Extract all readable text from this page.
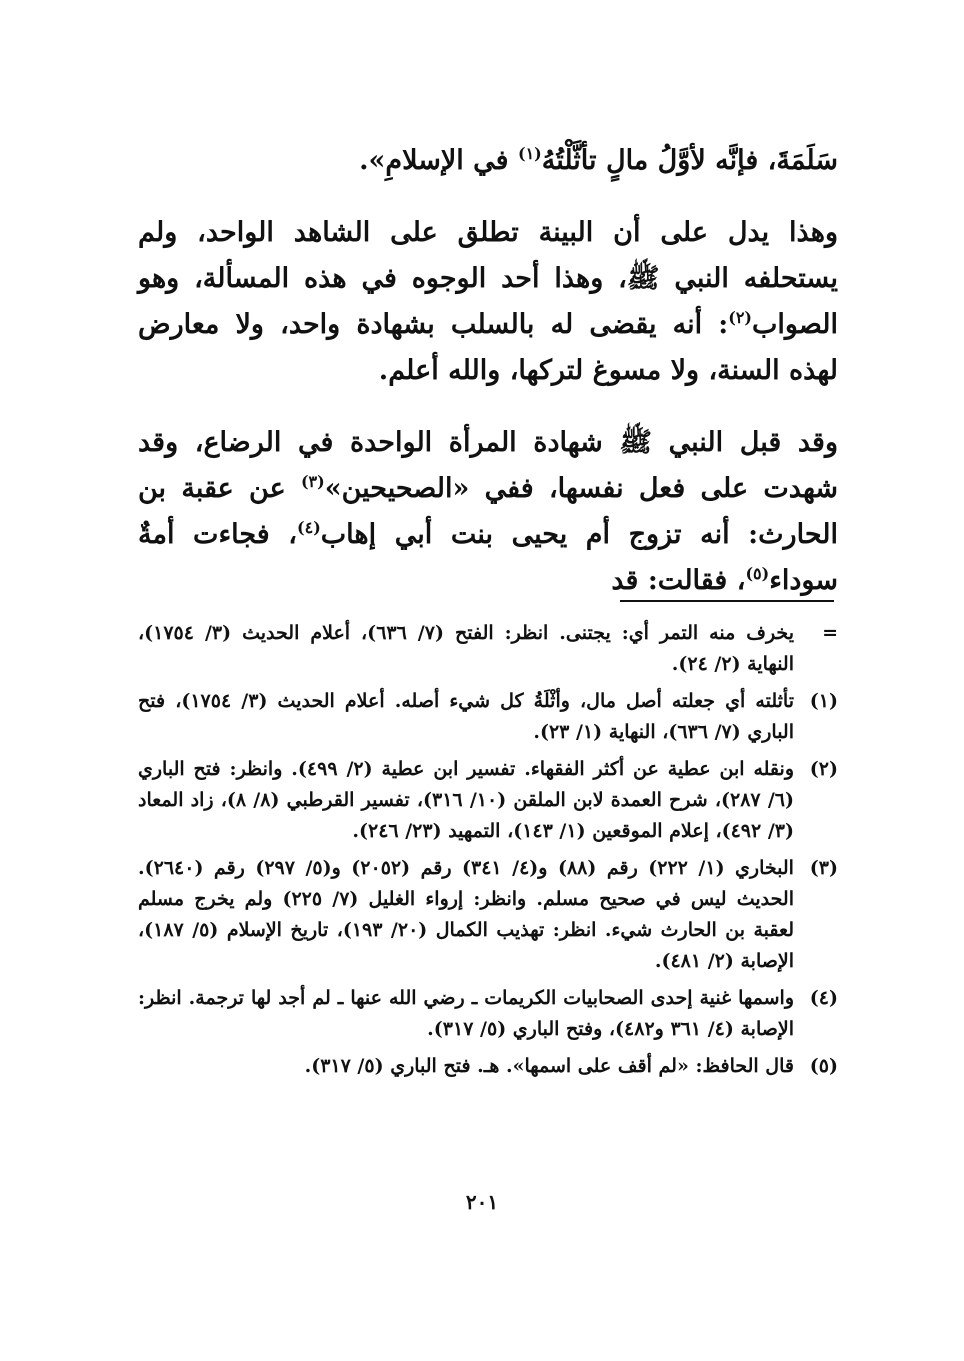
سَلَمَةَ، فإنَّه لأوَّلُ مالٍ تأثَّلْتُهُ$^{(١)}$ في الإسلامِ».

وهذا يدل على أن البينة تطلق على الشاهد الواحد، ولم يستحلفه النبي ﷺ، وهذا أحد الوجوه في هذه المسألة، وهو الصواب$^{(٢)}$: أنه يقضى له بالسلب بشهادة واحد، ولا معارض لهذه السنة، ولا مسوغ لتركها، والله أعلم.

وقد قبل النبي ﷺ شهادة المرأة الواحدة في الرضاع، وقد شهدت على فعل نفسها، ففي «الصحيحين»$^{(٣)}$ عن عقبة بن الحارث: أنه تزوج أم يحيى بنت أبي إهاب$^{(٤)}$، فجاءت أمةٌ سوداء$^{(٥)}$، فقالت: قد

=
يخرف منه التمر أي: يجتنى. انظر: الفتح (٧/ ٦٣٦)، أعلام الحديث (٣/ ١٧٥٤)، النهاية (٢/ ٢٤).
(١)
تأثلته أي جعلته أصل مال، وأثْلَةُ كل شيء أصله. أعلام الحديث (٣/ ١٧٥٤)، فتح الباري (٧/ ٦٣٦)، النهاية (١/ ٢٣).
(٢)
ونقله ابن عطية عن أكثر الفقهاء. تفسير ابن عطية (٢/ ٤٩٩). وانظر: فتح الباري (٦/ ٢٨٧)، شرح العمدة لابن الملقن (١٠/ ٣١٦)، تفسير القرطبي (٨/ ٨)، زاد المعاد (٣/ ٤٩٢)، إعلام الموقعين (١/ ١٤٣)، التمهيد (٢٣/ ٢٤٦).
(٣)
البخاري (١/ ٢٢٢) رقم (٨٨) و(٤/ ٣٤١) رقم (٢٠٥٢) و(٥/ ٢٩٧) رقم (٢٦٤٠). الحديث ليس في صحيح مسلم. وانظر: إرواء الغليل (٧/ ٢٢٥) ولم يخرج مسلم لعقبة بن الحارث شيء. انظر: تهذيب الكمال (٢٠/ ١٩٣)، تاريخ الإسلام (٥/ ١٨٧)، الإصابة (٢/ ٤٨١).
(٤)
واسمها غنية إحدى الصحابيات الكريمات ـ رضي الله عنها ـ لم أجد لها ترجمة. انظر: الإصابة (٤/ ٣٦١ و٤٨٢)، وفتح الباري (٥/ ٣١٧).
(٥)
قال الحافظ: «لم أقف على اسمها». هـ. فتح الباري (٥/ ٣١٧).
٢٠١
